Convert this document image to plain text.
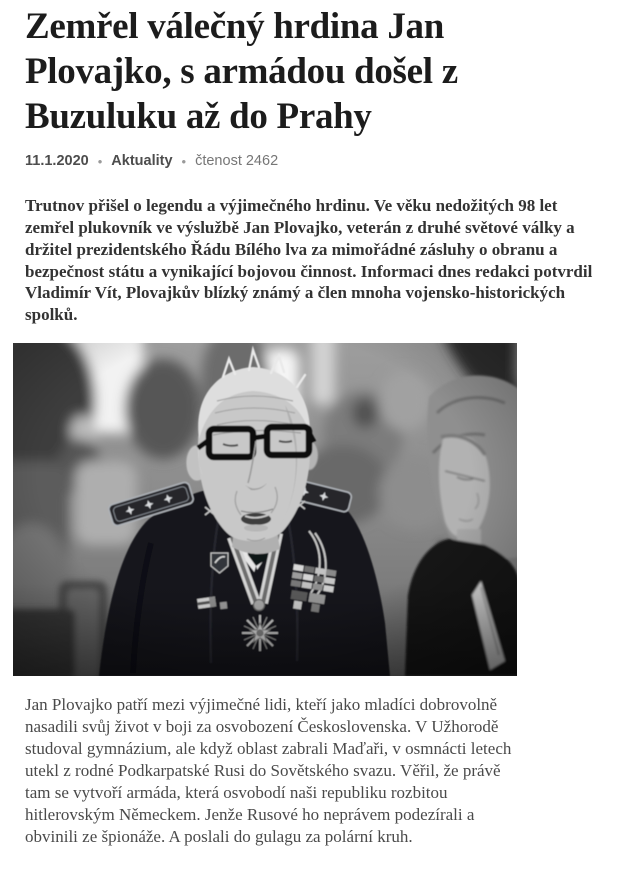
Zemřel válečný hrdina Jan Plovajko, s armádou došel z Buzuluku až do Prahy
11.1.2020 • Aktuality • čtenost 2462

Trutnov přišel o legendu a výjimečného hrdinu. Ve věku nedožitých 98 let zemřel plukovník ve výslužbě Jan Plovajko, veterán z druhé světové války a držitel prezidentského Řádu Bílého lva za mimořádné zásluhy o obranu a bezpečnost státu a vynikající bojovou činnost. Informaci dnes redakci potvrdil Vladimír Vít, Plovajkův blízký známý a člen mnoha vojensko-historických spolků.

Jan Plovajko patří mezi výjimečné lidi, kteří jako mladíci dobrovolně nasadili svůj život v boji za osvobození Československa. V Užhorodě studoval gymnázium, ale když oblast zabrali Maďaři, v osmnácti letech utekl z rodné Podkarpatské Rusi do Sovětského svazu. Věřil, že právě tam se vytvoří armáda, která osvobodí naši republiku rozbitou hitlerovským Německem. Jenže Rusové ho neprávem podezírali a obvinili ze špionáže. A poslali do gulagu za polární kruh.
